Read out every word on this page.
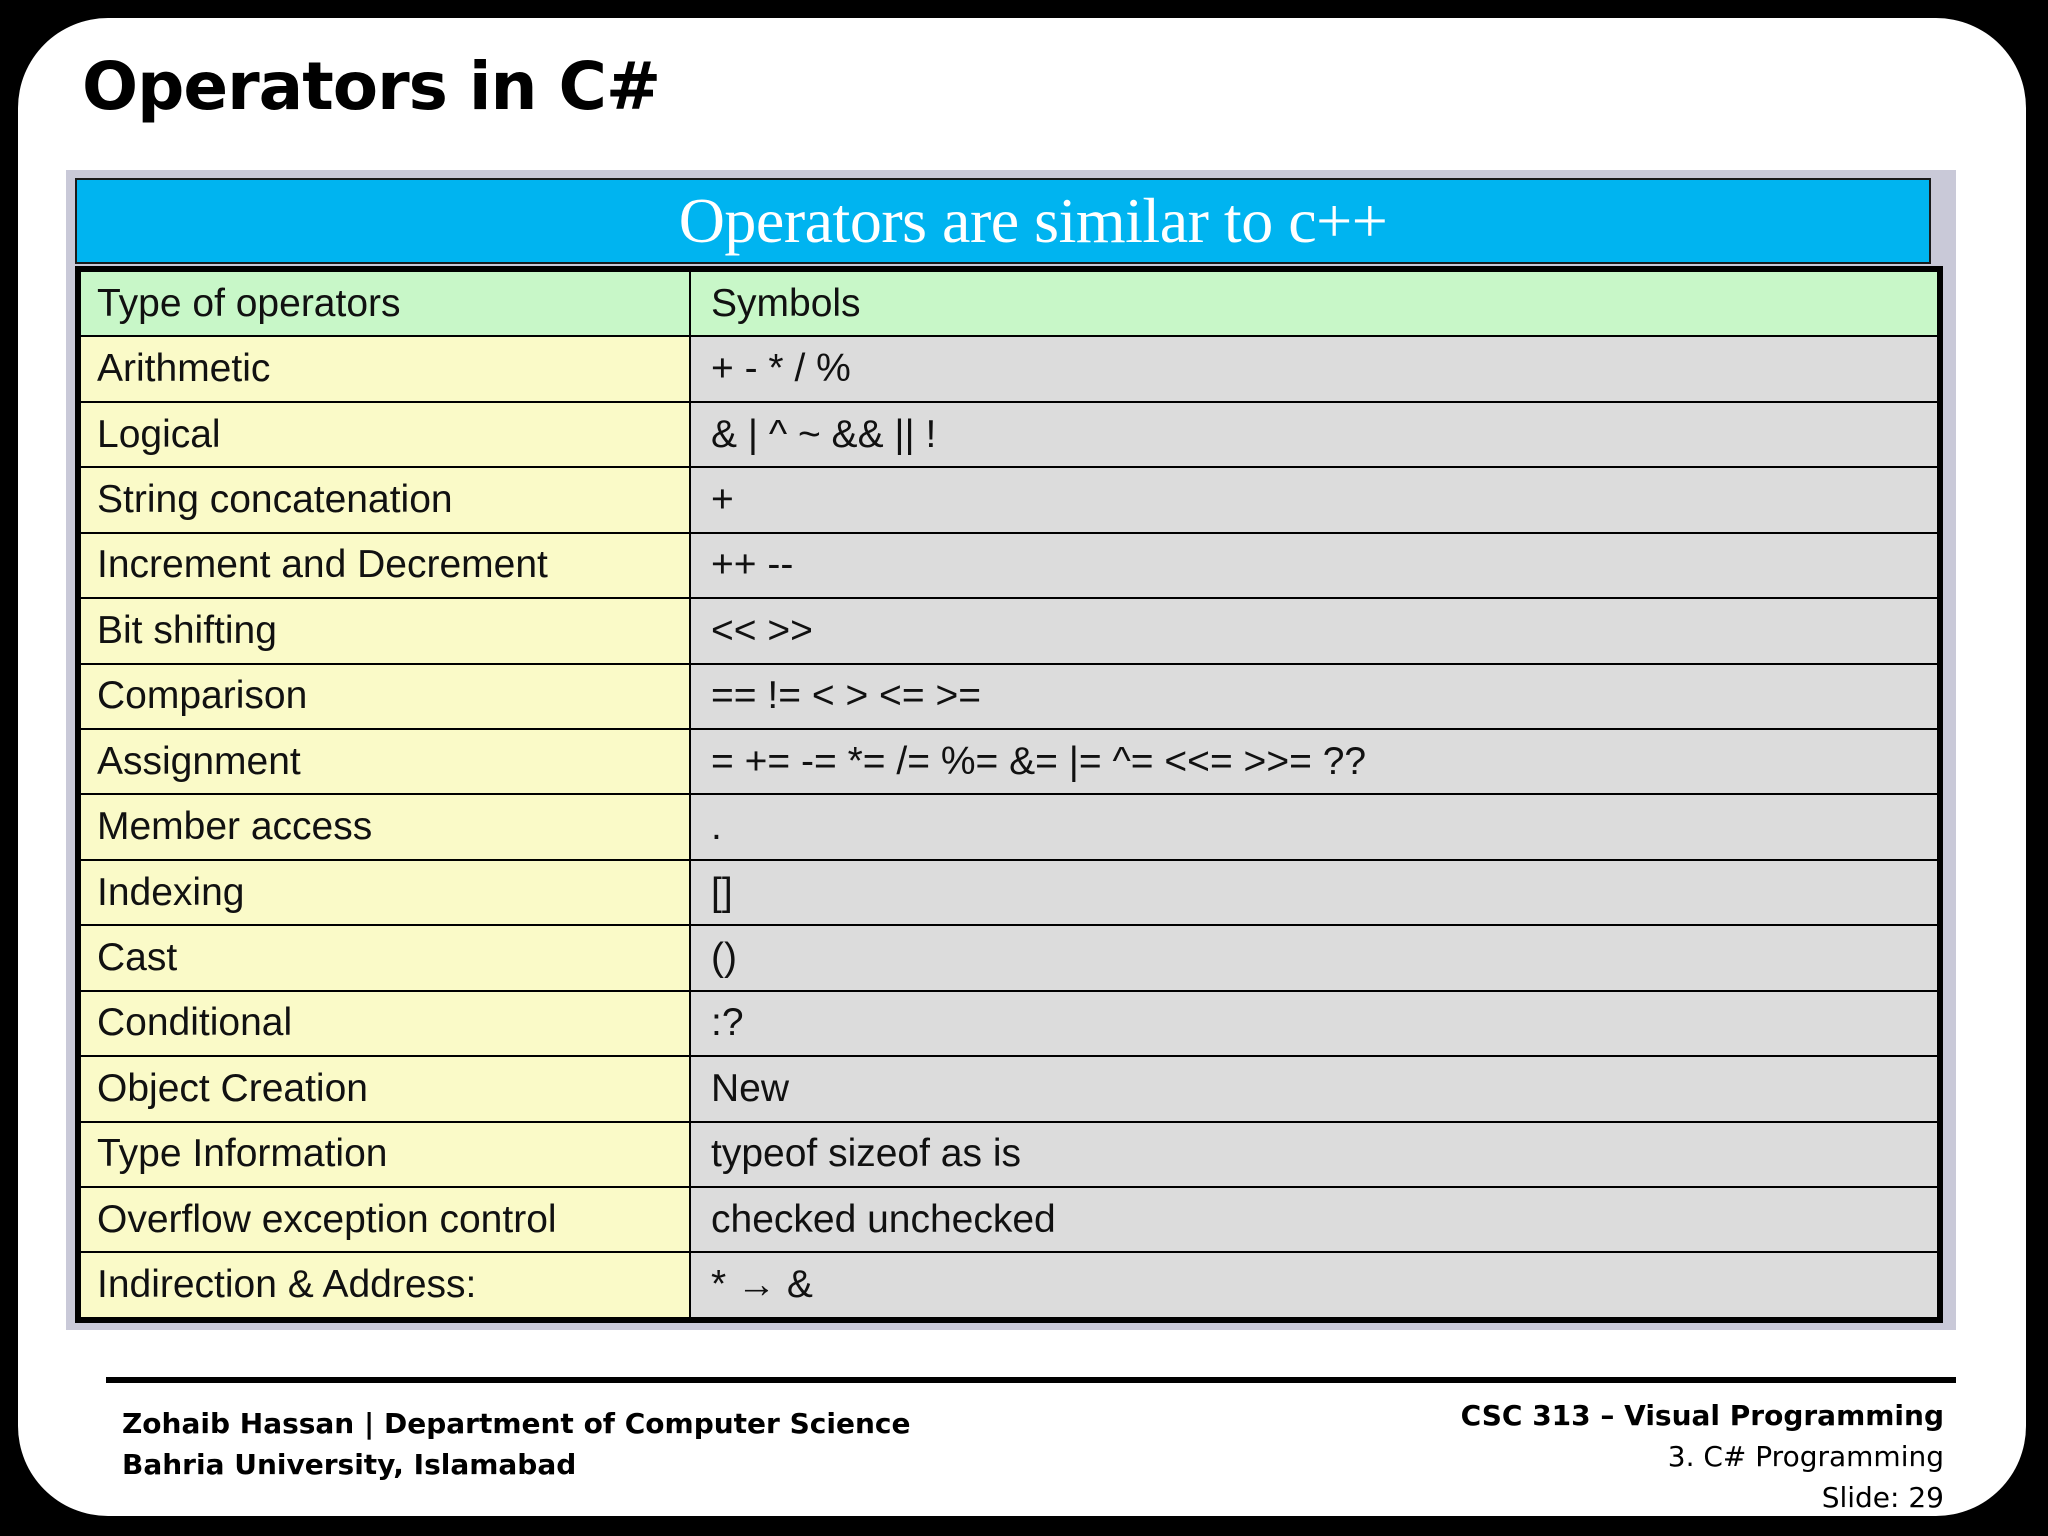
Operators in C#
Operators are similar to c++
Type of operators	Symbols
Arithmetic	+ - * / %
Logical	& | ^ ~ && || !
String concatenation	+
Increment and Decrement	++ --
Bit shifting	<< >>
Comparison	== != < > <= >=
Assignment	= += -= *= /= %= &= |= ^= <<= >>= ??
Member access	.
Indexing	[]
Cast	()
Conditional	:?
Object Creation	New
Type Information	typeof sizeof as is
Overflow exception control	checked unchecked
Indirection & Address:	* → &
Zohaib Hassan | Department of Computer Science
Bahria University, Islamabad
CSC 313 – Visual Programming
3. C# Programming
Slide: 29
